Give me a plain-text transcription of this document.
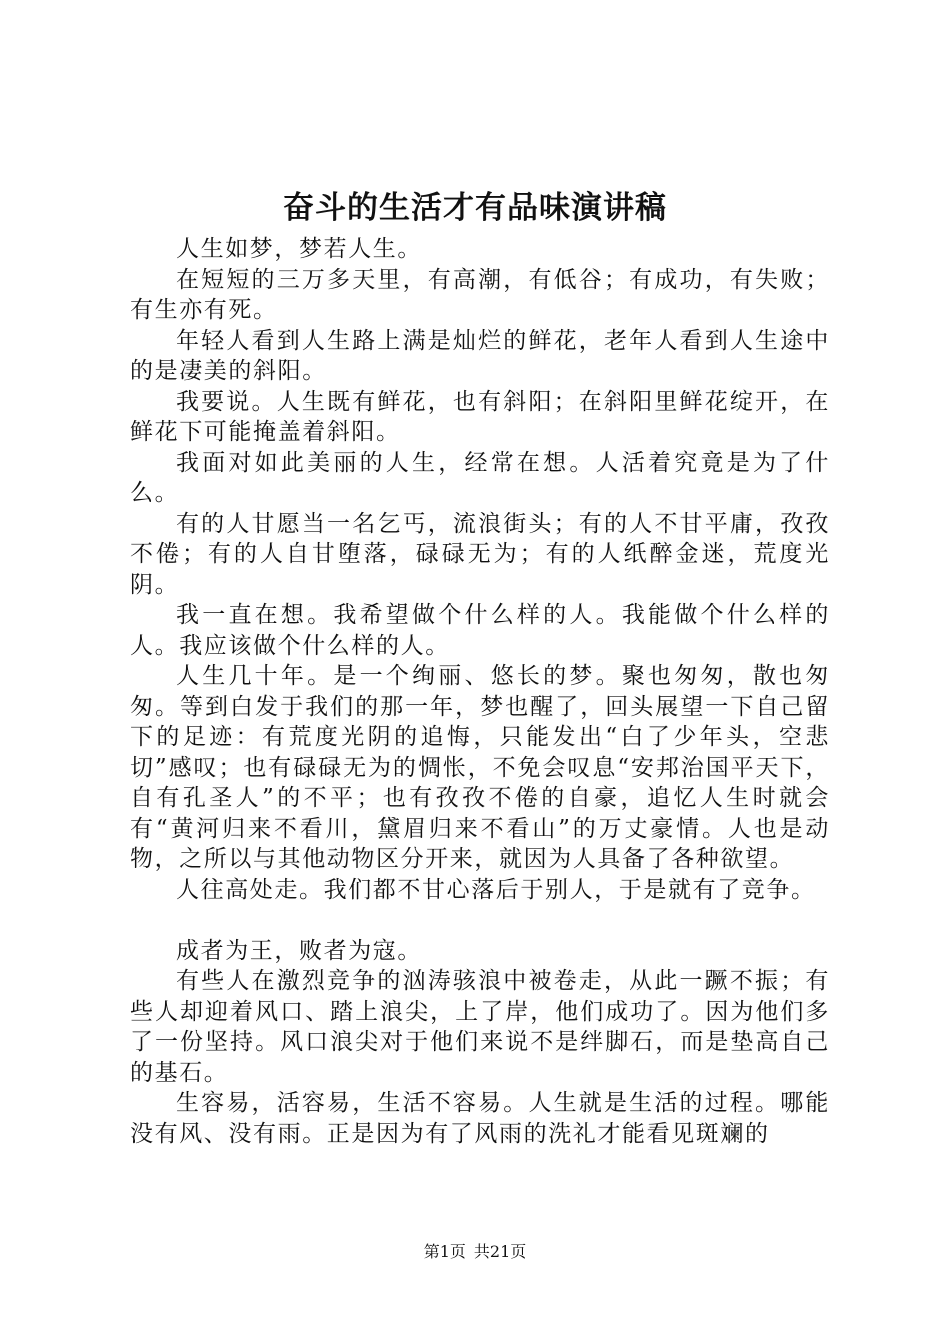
奋斗的生活才有品味演讲稿

人生如梦，梦若人生。

在短短的三万多天里，有高潮，有低谷；有成功，有失败；有生亦有死。

年轻人看到人生路上满是灿烂的鲜花，老年人看到人生途中的是凄美的斜阳。

我要说。人生既有鲜花，也有斜阳；在斜阳里鲜花绽开，在鲜花下可能掩盖着斜阳。

我面对如此美丽的人生，经常在想。人活着究竟是为了什么。

有的人甘愿当一名乞丐，流浪街头；有的人不甘平庸，孜孜不倦；有的人自甘堕落，碌碌无为；有的人纸醉金迷，荒度光阴。

我一直在想。我希望做个什么样的人。我能做个什么样的人。我应该做个什么样的人。

人生几十年。是一个绚丽、悠长的梦。聚也匆匆，散也匆匆。等到白发于我们的那一年，梦也醒了，回头展望一下自己留下的足迹：有荒度光阴的追悔，只能发出“白了少年头，空悲切”感叹；也有碌碌无为的惆怅，不免会叹息“安邦治国平天下，自有孔圣人”的不平；也有孜孜不倦的自豪，追忆人生时就会有“黄河归来不看川，黛眉归来不看山”的万丈豪情。人也是动物，之所以与其他动物区分开来，就因为人具备了各种欲望。

人往高处走。我们都不甘心落后于别人，于是就有了竞争。

成者为王，败者为寇。

有些人在激烈竞争的汹涛骇浪中被卷走，从此一蹶不振；有些人却迎着风口、踏上浪尖，上了岸，他们成功了。因为他们多了一份坚持。风口浪尖对于他们来说不是绊脚石，而是垫高自己的基石。

生容易，活容易，生活不容易。人生就是生活的过程。哪能没有风、没有雨。正是因为有了风雨的洗礼才能看见斑斓的

第1页 共21页
